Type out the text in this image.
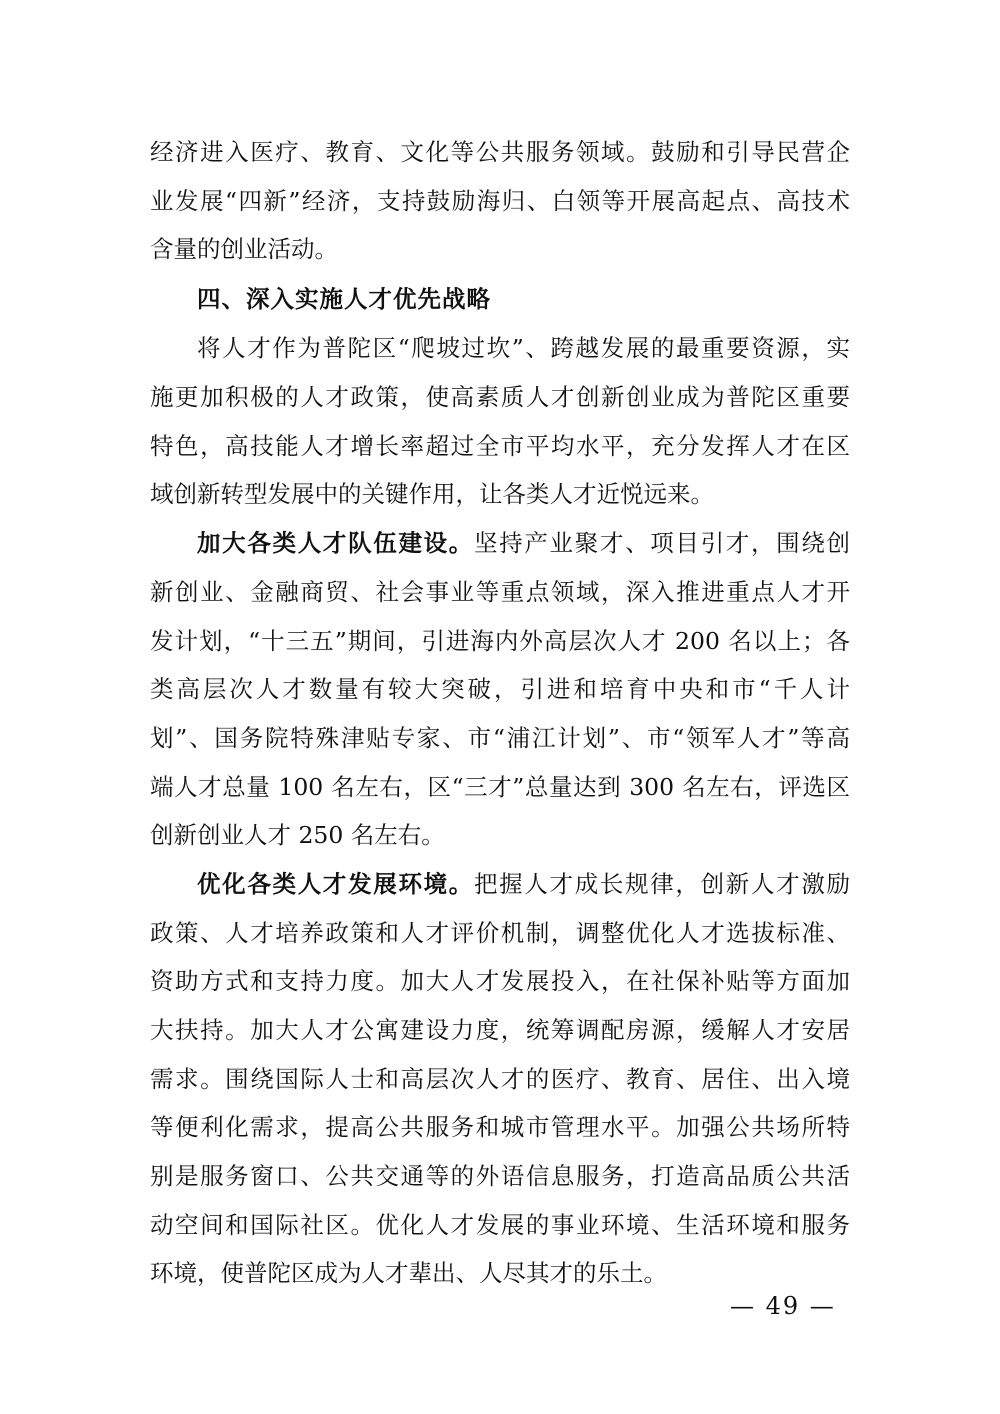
经济进入医疗、教育、文化等公共服务领域。鼓励和引导民营企
业发展“四新”经济，支持鼓励海归、白领等开展高起点、高技术
含量的创业活动。
四、深入实施人才优先战略
将人才作为普陀区“爬坡过坎”、跨越发展的最重要资源，实
施更加积极的人才政策，使高素质人才创新创业成为普陀区重要
特色，高技能人才增长率超过全市平均水平，充分发挥人才在区
域创新转型发展中的关键作用，让各类人才近悦远来。
加大各类人才队伍建设。坚持产业聚才、项目引才，围绕创
新创业、金融商贸、社会事业等重点领域，深入推进重点人才开
发计划，“十三五”期间，引进海内外高层次人才 200 名以上；各
类高层次人才数量有较大突破，引进和培育中央和市“千人计
划”、国务院特殊津贴专家、市“浦江计划”、市“领军人才”等高
端人才总量 100 名左右，区“三才”总量达到 300 名左右，评选区
创新创业人才 250 名左右。
优化各类人才发展环境。把握人才成长规律，创新人才激励
政策、人才培养政策和人才评价机制，调整优化人才选拔标准、
资助方式和支持力度。加大人才发展投入，在社保补贴等方面加
大扶持。加大人才公寓建设力度，统筹调配房源，缓解人才安居
需求。围绕国际人士和高层次人才的医疗、教育、居住、出入境
等便利化需求，提高公共服务和城市管理水平。加强公共场所特
别是服务窗口、公共交通等的外语信息服务，打造高品质公共活
动空间和国际社区。优化人才发展的事业环境、生活环境和服务
环境，使普陀区成为人才辈出、人尽其才的乐土。
— 49 —
